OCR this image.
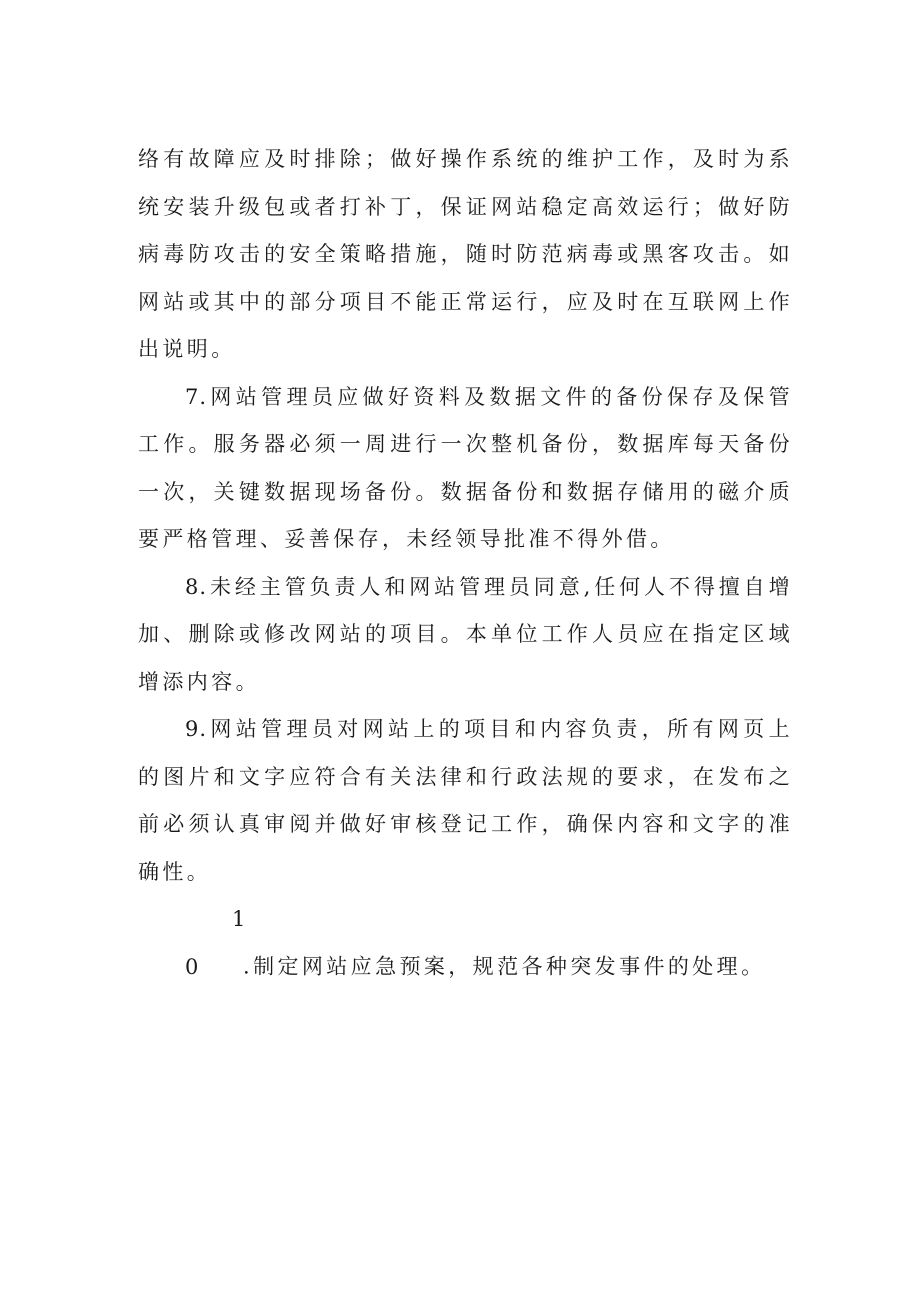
络有故障应及时排除；做好操作系统的维护工作，及时为系统安装升级包或者打补丁，保证网站稳定高效运行；做好防病毒防攻击的安全策略措施，随时防范病毒或黑客攻击。如网站或其中的部分项目不能正常运行，应及时在互联网上作出说明。

7.网站管理员应做好资料及数据文件的备份保存及保管工作。服务器必须一周进行一次整机备份，数据库每天备份一次，关键数据现场备份。数据备份和数据存储用的磁介质要严格管理、妥善保存，未经领导批准不得外借。

8.未经主管负责人和网站管理员同意,任何人不得擅自增加、删除或修改网站的项目。本单位工作人员应在指定区域增添内容。

9.网站管理员对网站上的项目和内容负责，所有网页上的图片和文字应符合有关法律和行政法规的要求，在发布之前必须认真审阅并做好审核登记工作，确保内容和文字的准确性。

10 .制定网站应急预案，规范各种突发事件的处理。
